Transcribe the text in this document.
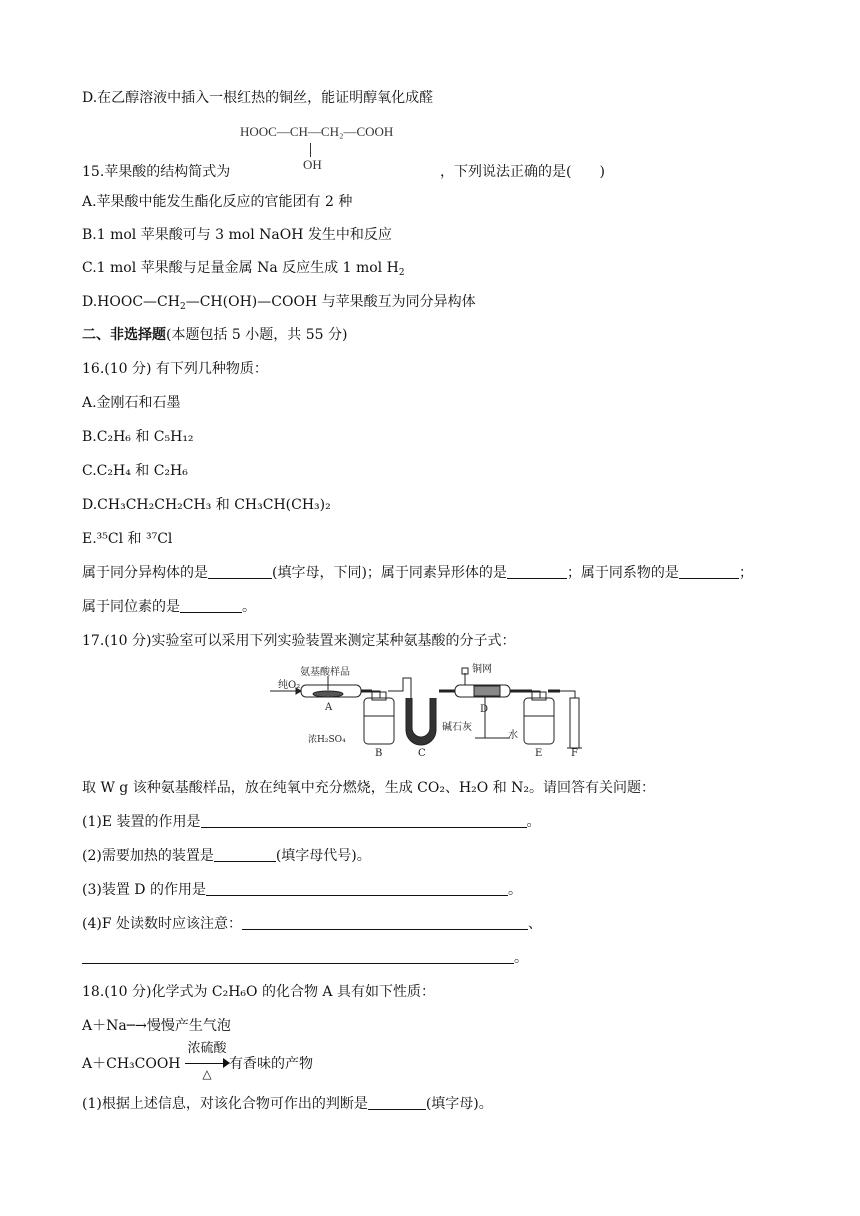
D.在乙醇溶液中插入一根红热的铜丝，能证明醇氧化成醛
HOOC—CH—CH₂—COOH
OH
15.苹果酸的结构简式为	，下列说法正确的是(　　)
A.苹果酸中能发生酯化反应的官能团有 2 种
B.1 mol 苹果酸可与 3 mol NaOH 发生中和反应
C.1 mol 苹果酸与足量金属 Na 反应生成 1 mol $H_2$
$D.HOOC—CH_2—CH(OH)—COOH$ 与苹果酸互为同分异构体
二、非选择题(本题包括 5 小题，共 55 分)
16.(10 分) 有下列几种物质：
A.金刚石和石墨
B.C₂H₆ 和 C₅H₁₂
C.C₂H₄ 和 C₂H₆
D.CH₃CH₂CH₂CH₃ 和 CH₃CH(CH₃)₂
E.³⁵Cl 和 ³⁷Cl
属于同分异构体的是	(填字母，下同)；属于同素异形体的是	；属于同系物的是	；
属于同位素的是	。
17.(10 分)实验室可以采用下列实验装置来测定某种氨基酸的分子式：
纯O₂
氨基酸样品
A
浓H₂SO₄
B	C
碱石灰
铜网
D
水
E	F
取 W g 该种氨基酸样品，放在纯氧中充分燃烧，生成 CO₂、H₂O 和 N₂。请回答有关问题：
(1)E 装置的作用是	。
(2)需要加热的装置是	(填字母代号)。
(3)装置 D 的作用是	。
(4)F 处读数时应该注意：	、
。
18.(10 分)化学式为 C₂H₆O 的化合物 A 具有如下性质：
A＋Na─→慢慢产生气泡
A＋CH₃COOH
浓硫酸
△
有香味的产物
(1)根据上述信息，对该化合物可作出的判断是	(填字母)。
